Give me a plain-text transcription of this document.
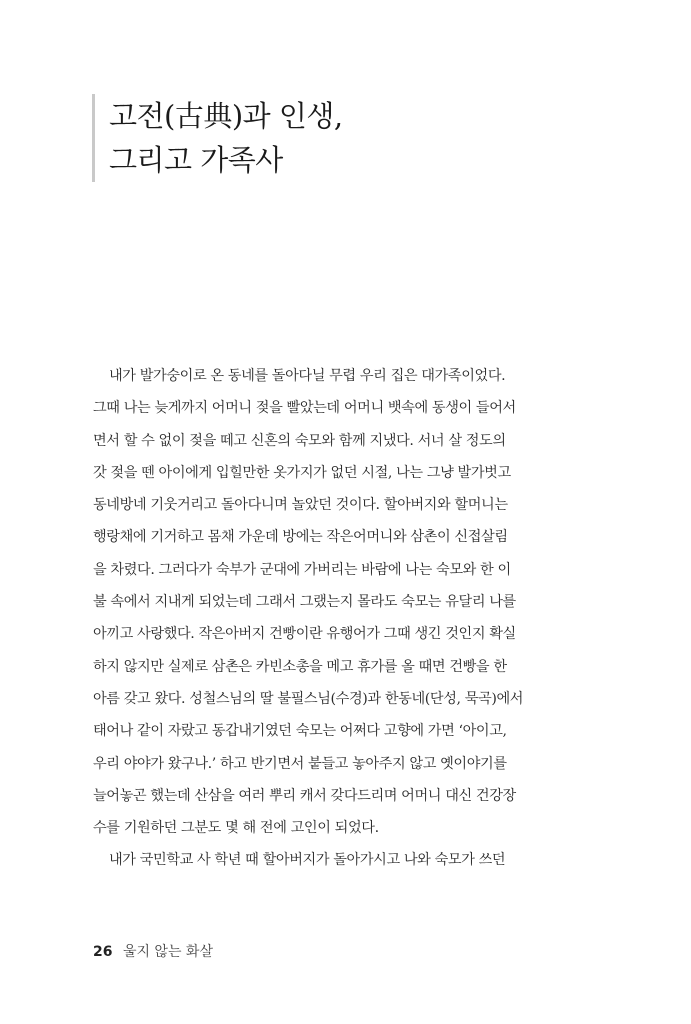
고전(古典)과 인생,
그리고 가족사
내가 발가숭이로 온 동네를 돌아다닐 무렵 우리 집은 대가족이었다.
그때 나는 늦게까지 어머니 젖을 빨았는데 어머니 뱃속에 동생이 들어서
면서 할 수 없이 젖을 떼고 신혼의 숙모와 함께 지냈다. 서너 살 정도의
갓 젖을 뗀 아이에게 입힐만한 옷가지가 없던 시절, 나는 그냥 발가벗고
동네방네 기웃거리고 돌아다니며 놀았던 것이다. 할아버지와 할머니는
행랑채에 기거하고 몸채 가운데 방에는 작은어머니와 삼촌이 신접살림
을 차렸다. 그러다가 숙부가 군대에 가버리는 바람에 나는 숙모와 한 이
불 속에서 지내게 되었는데 그래서 그랬는지 몰라도 숙모는 유달리 나를
아끼고 사랑했다. 작은아버지 건빵이란 유행어가 그때 생긴 것인지 확실
하지 않지만 실제로 삼촌은 카빈소총을 메고 휴가를 올 때면 건빵을 한
아름 갖고 왔다. 성철스님의 딸 불필스님(수경)과 한동네(단성, 묵곡)에서
태어나 같이 자랐고 동갑내기였던 숙모는 어쩌다 고향에 가면 ‘아이고,
우리 야야가 왔구나.’ 하고 반기면서 붙들고 놓아주지 않고 옛이야기를
늘어놓곤 했는데 산삼을 여러 뿌리 캐서 갖다드리며 어머니 대신 건강장
수를 기원하던 그분도 몇 해 전에 고인이 되었다.
내가 국민학교 사 학년 때 할아버지가 돌아가시고 나와 숙모가 쓰던
26 울지 않는 화살
